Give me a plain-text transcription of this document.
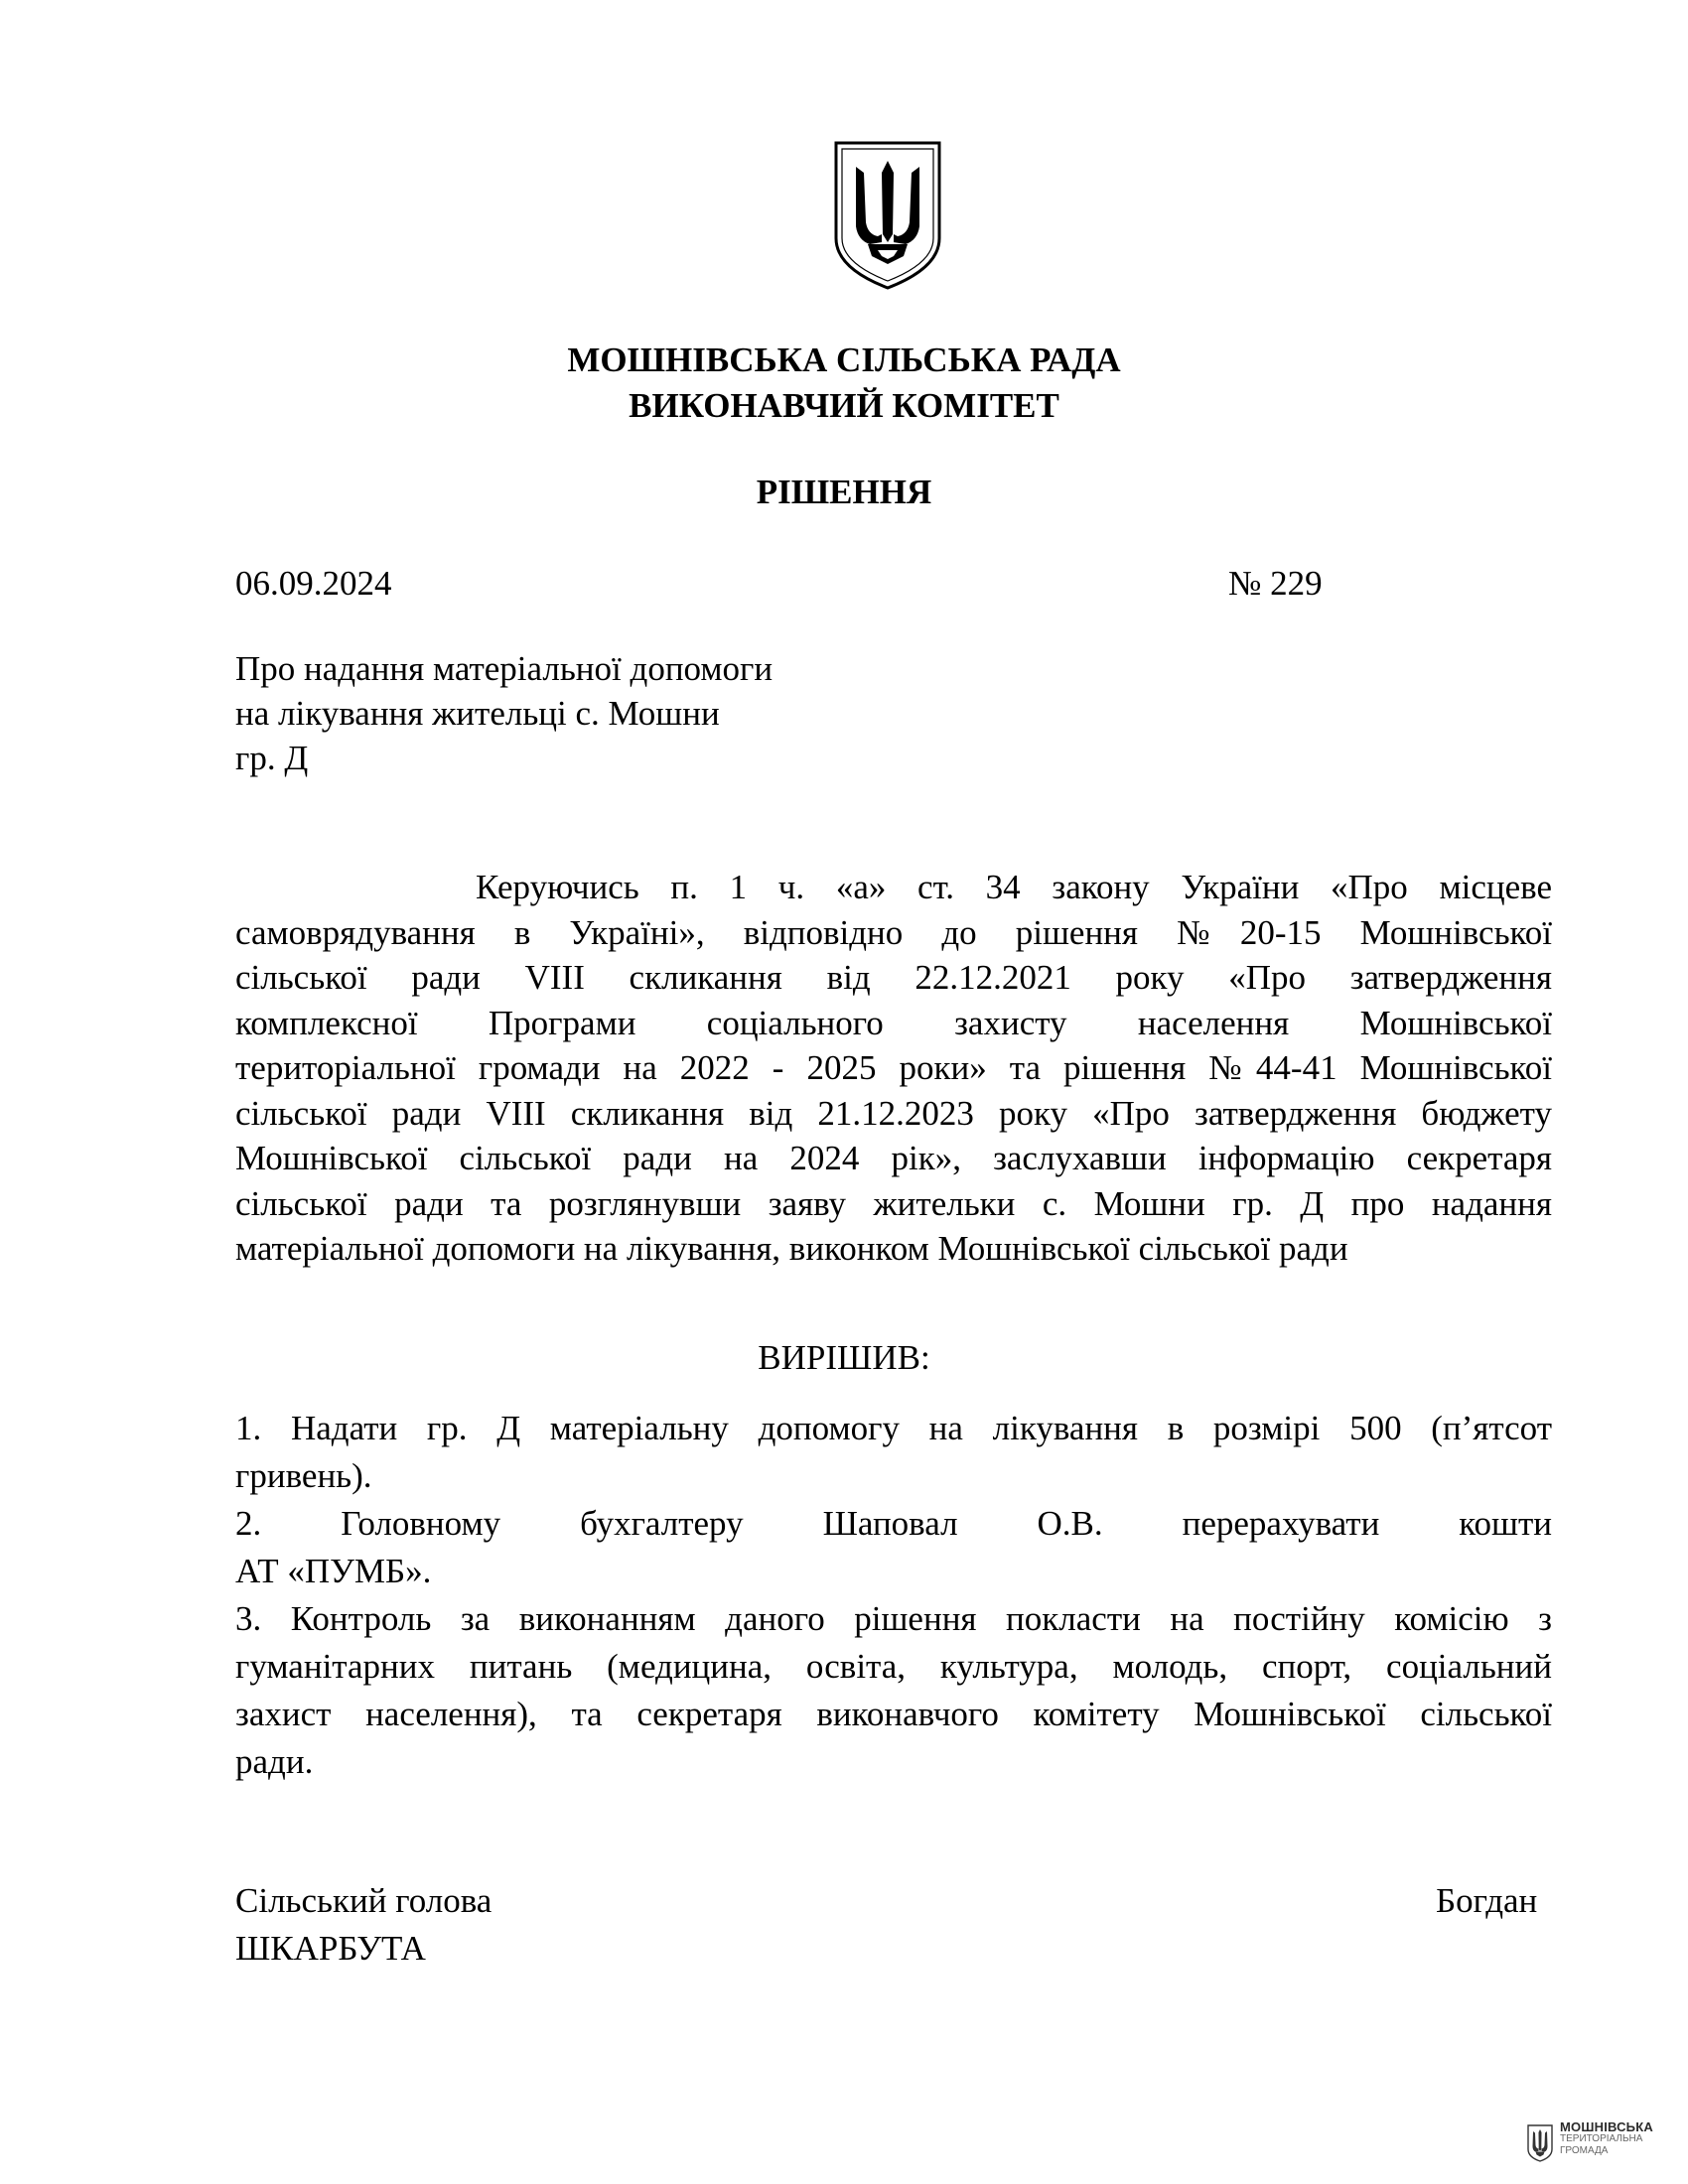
МОШНІВСЬКА СІЛЬСЬКА РАДА
ВИКОНАВЧИЙ КОМІТЕТ
РІШЕННЯ
06.09.2024	№ 229
Про надання матеріальної допомоги
на лікування жительці с. Мошни
гр. Д
Керуючись п. 1 ч. «а» ст. 34 закону України «Про місцеве
самоврядування в Україні», відповідно до рішення №20-15 Мошнівської
сільської ради VIII скликання від 22.12.2021 року «Про затвердження
комплексної Програми соціального захисту населення Мошнівської
територіальної громади на 2022 - 2025 роки» та рішення №44-41 Мошнівської
сільської ради VIII скликання від 21.12.2023 року «Про затвердження бюджету
Мошнівської сільської ради на 2024 рік», заслухавши інформацію секретаря
сільської ради та розглянувши заяву жительки с. Мошни гр. Д про надання
матеріальної допомоги на лікування, виконком Мошнівської сільської ради
ВИРІШИВ:
1. Надати гр. Д матеріальну допомогу на лікування в розмірі 500 (п’ятсот
гривень).
2. Головному бухгалтеру Шаповал О.В. перерахувати кошти
АТ «ПУМБ».
3. Контроль за виконанням даного рішення покласти на постійну комісію з
гуманітарних питань (медицина, освіта, культура, молодь, спорт, соціальний
захист населення), та секретаря виконавчого комітету Мошнівської сільської
ради.
Сільський голова
ШКАРБУТА
Богдан
МОШНІВСЬКА
ТЕРИТОРІАЛЬНА
ГРОМАДА
